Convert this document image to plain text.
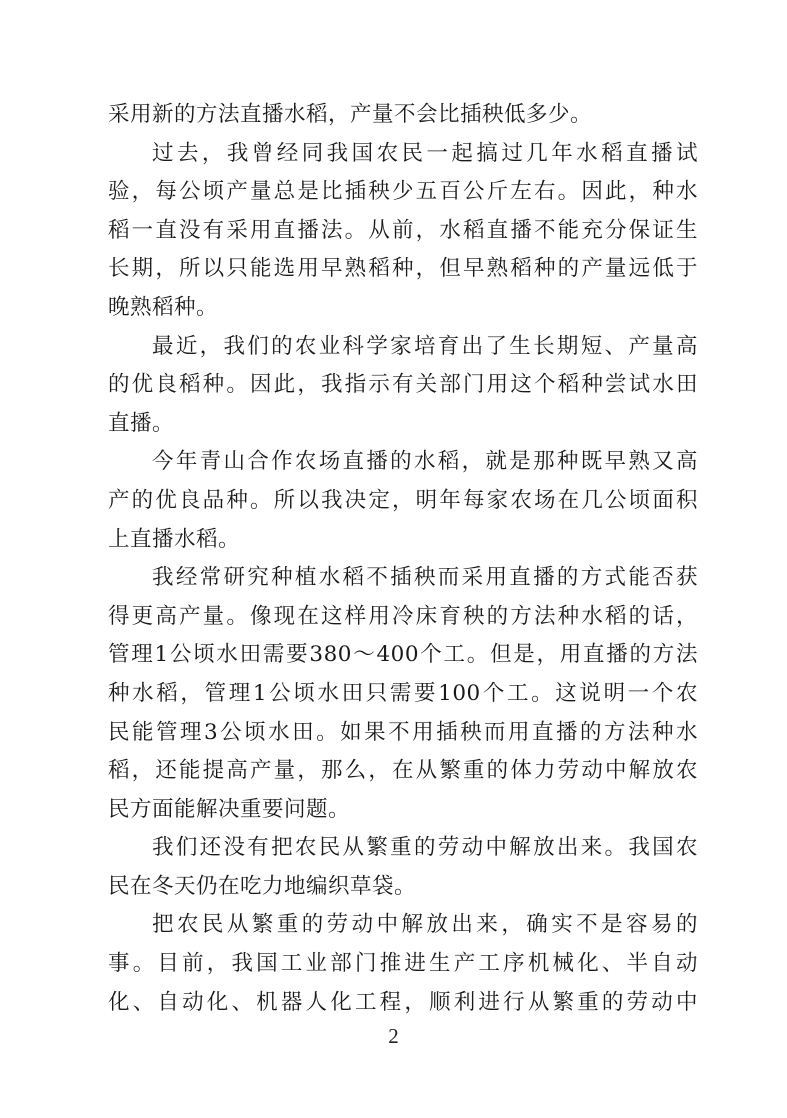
采用新的方法直播水稻，产量不会比插秧低多少。
过去，我曾经同我国农民一起搞过几年水稻直播试
验，每公顷产量总是比插秧少五百公斤左右。因此，种水
稻一直没有采用直播法。从前，水稻直播不能充分保证生
长期，所以只能选用早熟稻种，但早熟稻种的产量远低于
晚熟稻种。
最近，我们的农业科学家培育出了生长期短、产量高
的优良稻种。因此，我指示有关部门用这个稻种尝试水田
直播。
今年青山合作农场直播的水稻，就是那种既早熟又高
产的优良品种。所以我决定，明年每家农场在几公顷面积
上直播水稻。
我经常研究种植水稻不插秧而采用直播的方式能否获
得更高产量。像现在这样用冷床育秧的方法种水稻的话，
管理1公顷水田需要380～400个工。但是，用直播的方法
种水稻，管理1公顷水田只需要100个工。这说明一个农
民能管理3公顷水田。如果不用插秧而用直播的方法种水
稻，还能提高产量，那么，在从繁重的体力劳动中解放农
民方面能解决重要问题。
我们还没有把农民从繁重的劳动中解放出来。我国农
民在冬天仍在吃力地编织草袋。
把农民从繁重的劳动中解放出来，确实不是容易的
事。目前，我国工业部门推进生产工序机械化、半自动
化、自动化、机器人化工程，顺利进行从繁重的劳动中
2
